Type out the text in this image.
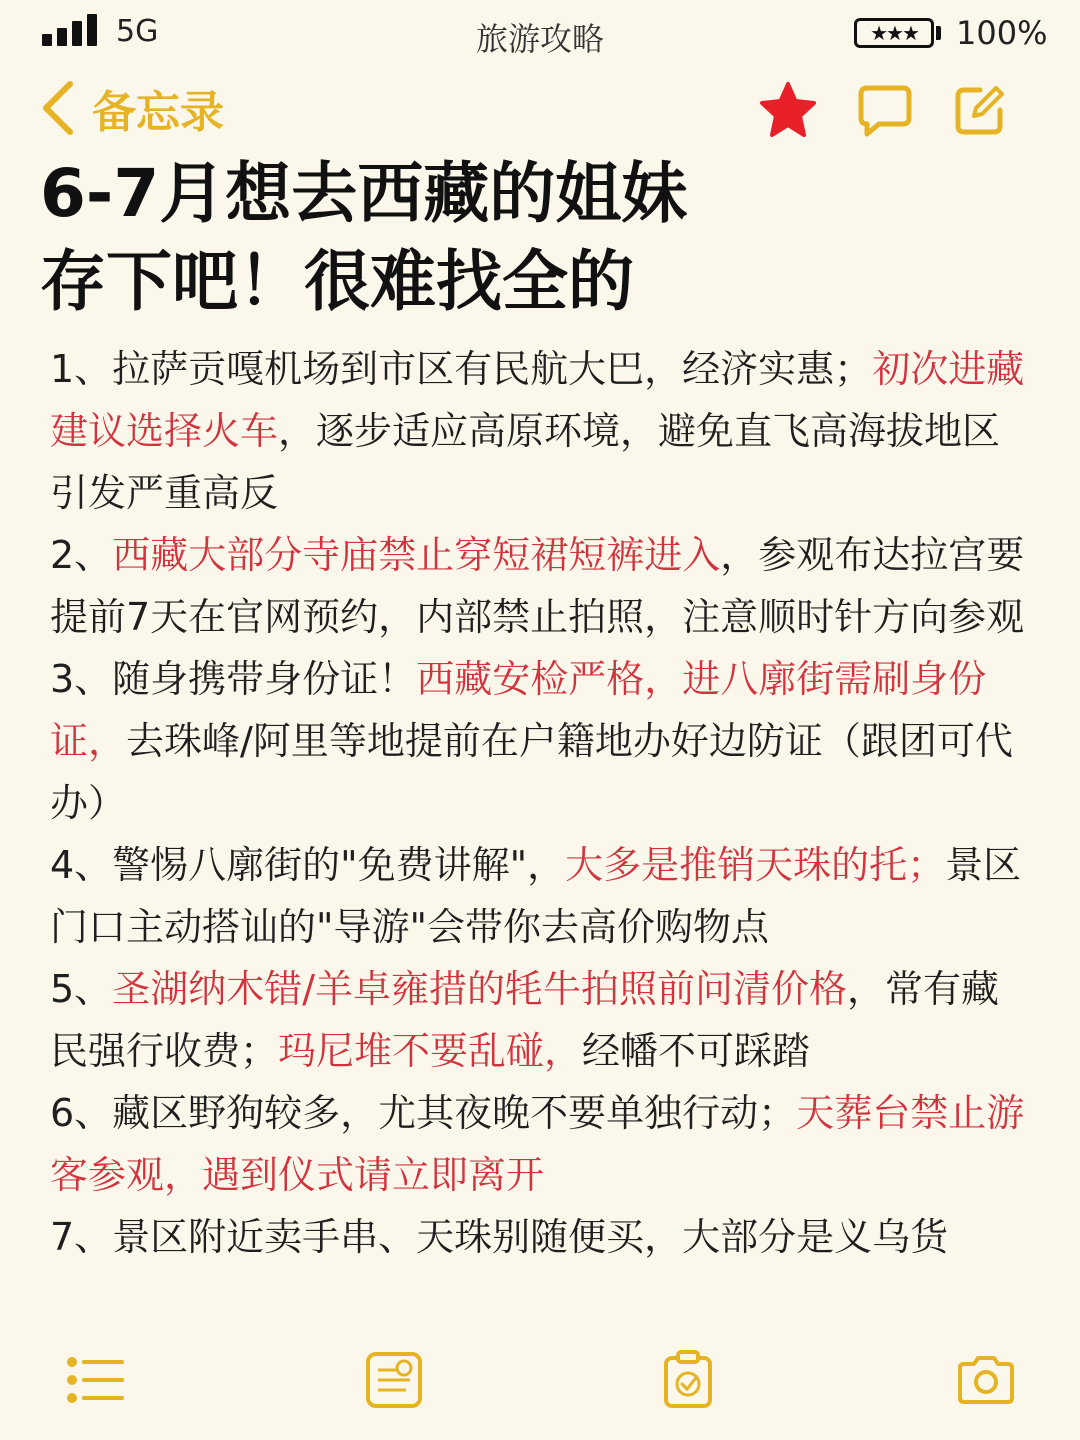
5G	旅游攻略	★★★ 100%
备忘录
6-7月想去西藏的姐妹
存下吧！很难找全的

1、拉萨贡嘎机场到市区有民航大巴，经济实惠；初次进藏建议选择火车，逐步适应高原环境，避免直飞高海拔地区引发严重高反

2、西藏大部分寺庙禁止穿短裙短裤进入，参观布达拉宫要提前7天在官网预约，内部禁止拍照，注意顺时针方向参观

3、随身携带身份证！西藏安检严格，进八廓街需刷身份证，去珠峰/阿里等地提前在户籍地办好边防证（跟团可代办）

4、警惕八廓街的"免费讲解"，大多是推销天珠的托；景区门口主动搭讪的"导游"会带你去高价购物点

5、圣湖纳木错/羊卓雍措的牦牛拍照前问清价格，常有藏民强行收费；玛尼堆不要乱碰，经幡不可踩踏

6、藏区野狗较多，尤其夜晚不要单独行动；天葬台禁止游客参观，遇到仪式请立即离开

7、景区附近卖手串、天珠别随便买，大部分是义乌货
